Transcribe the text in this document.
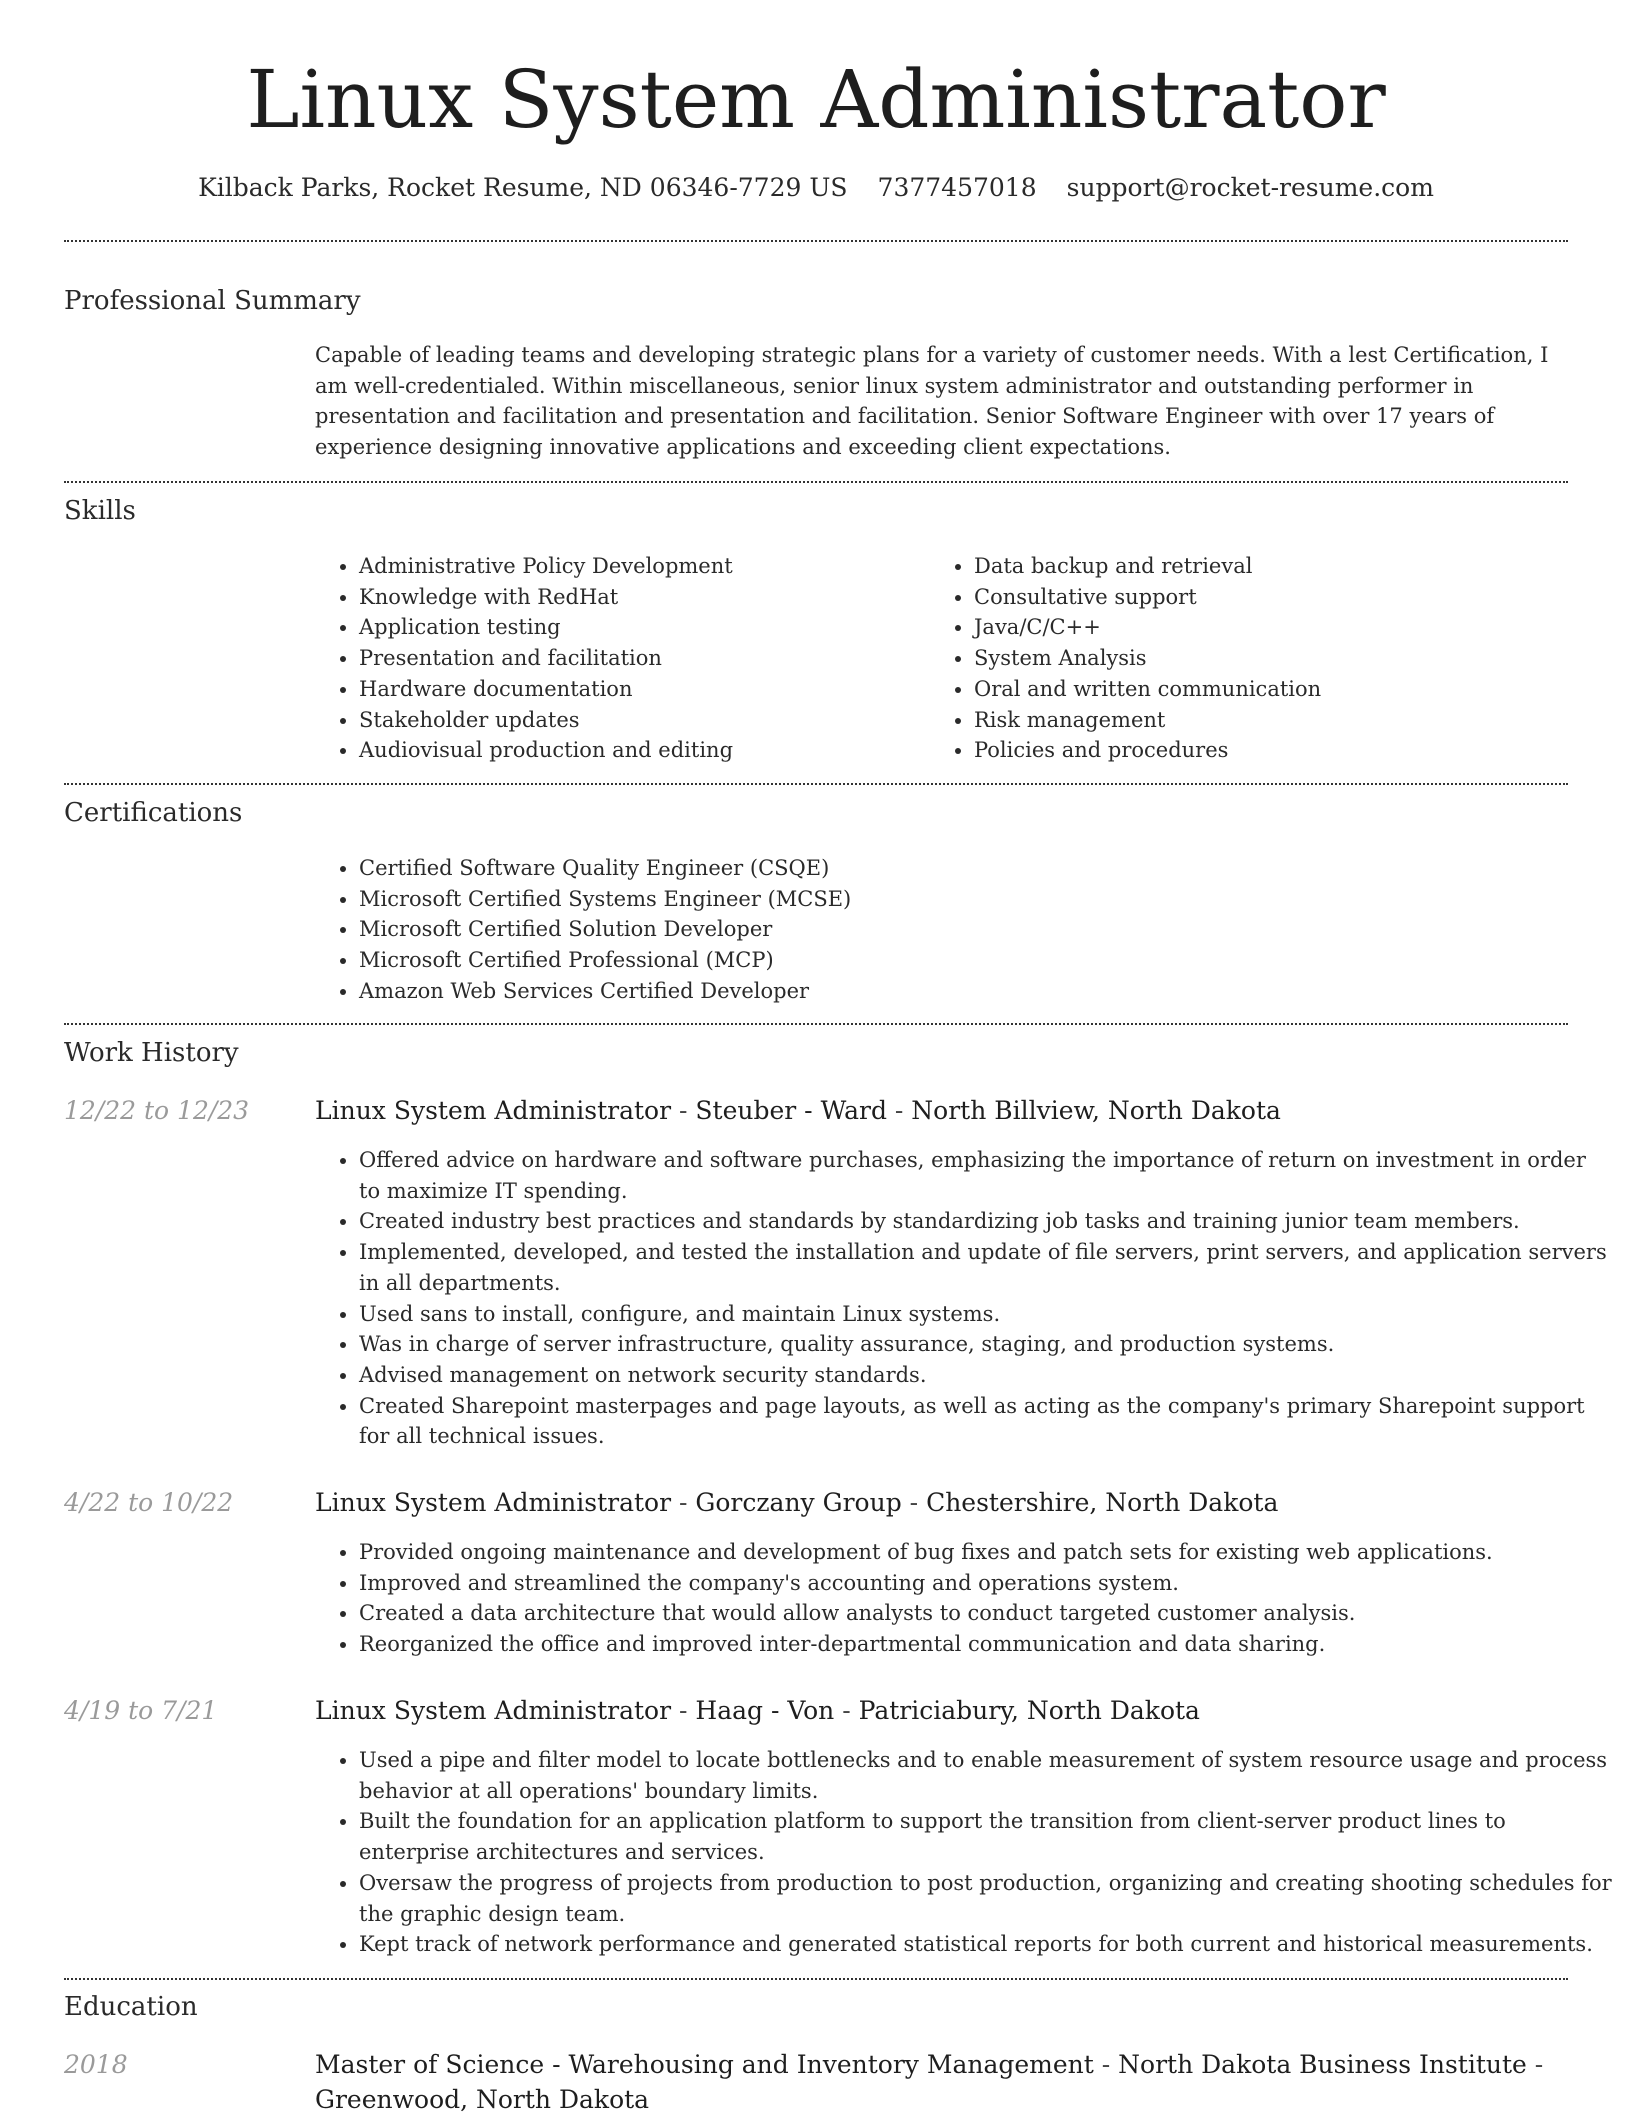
Linux System Administrator
Kilback Parks, Rocket Resume, ND 06346-7729 US 7377457018 support@rocket-resume.com
Professional Summary

Capable of leading teams and developing strategic plans for a variety of customer needs. With a lest Certification, I am well-credentialed. Within miscellaneous, senior linux system administrator and outstanding performer in presentation and facilitation and presentation and facilitation. Senior Software Engineer with over 17 years of experience designing innovative applications and exceeding client expectations.

Skills
• Administrative Policy Development
• Knowledge with RedHat
• Application testing
• Presentation and facilitation
• Hardware documentation
• Stakeholder updates
• Audiovisual production and editing
• Data backup and retrieval
• Consultative support
• Java/C/C++
• System Analysis
• Oral and written communication
• Risk management
• Policies and procedures
Certifications
• Certified Software Quality Engineer (CSQE)
• Microsoft Certified Systems Engineer (MCSE)
• Microsoft Certified Solution Developer
• Microsoft Certified Professional (MCP)
• Amazon Web Services Certified Developer
Work History
12/22 to 12/23	Linux System Administrator - Steuber - Ward - North Billview, North Dakota
• Offered advice on hardware and software purchases, emphasizing the importance of return on investment in order to maximize IT spending.
• Created industry best practices and standards by standardizing job tasks and training junior team members.
• Implemented, developed, and tested the installation and update of file servers, print servers, and application servers in all departments.
• Used sans to install, configure, and maintain Linux systems.
• Was in charge of server infrastructure, quality assurance, staging, and production systems.
• Advised management on network security standards.
• Created Sharepoint masterpages and page layouts, as well as acting as the company's primary Sharepoint support for all technical issues.
4/22 to 10/22	Linux System Administrator - Gorczany Group - Chestershire, North Dakota
• Provided ongoing maintenance and development of bug fixes and patch sets for existing web applications.
• Improved and streamlined the company's accounting and operations system.
• Created a data architecture that would allow analysts to conduct targeted customer analysis.
• Reorganized the office and improved inter-departmental communication and data sharing.
4/19 to 7/21	Linux System Administrator - Haag - Von - Patriciabury, North Dakota
• Used a pipe and filter model to locate bottlenecks and to enable measurement of system resource usage and process behavior at all operations' boundary limits.
• Built the foundation for an application platform to support the transition from client-server product lines to enterprise architectures and services.
• Oversaw the progress of projects from production to post production, organizing and creating shooting schedules for the graphic design team.
• Kept track of network performance and generated statistical reports for both current and historical measurements.
Education
2018	Master of Science - Warehousing and Inventory Management - North Dakota Business Institute - Greenwood, North Dakota
